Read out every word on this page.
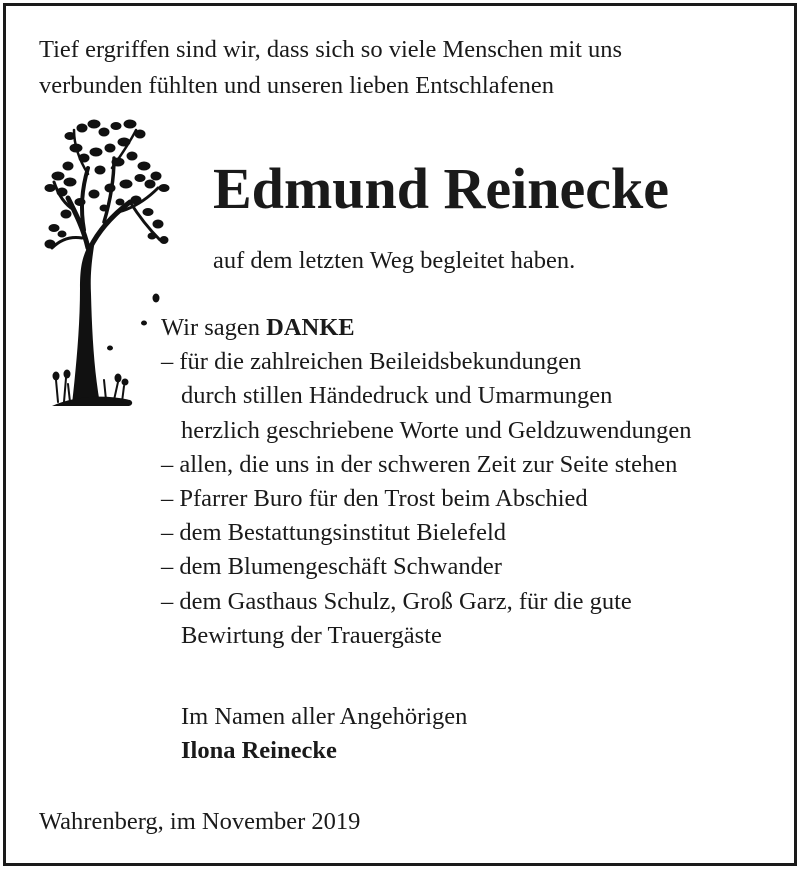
Tief ergriffen sind wir, dass sich so viele Menschen mit uns
verbunden fühlten und unseren lieben Entschlafenen
Edmund Reinecke
auf dem letzten Weg begleitet haben.
Wir sagen DANKE
– für die zahlreichen Beileidsbekundungen
durch stillen Händedruck und Umarmungen
herzlich geschriebene Worte und Geldzuwendungen
– allen, die uns in der schweren Zeit zur Seite stehen
– Pfarrer Buro für den Trost beim Abschied
– dem Bestattungsinstitut Bielefeld
– dem Blumengeschäft Schwander
– dem Gasthaus Schulz, Groß Garz, für die gute
Bewirtung der Trauergäste
Im Namen aller Angehörigen
Ilona Reinecke
Wahrenberg, im November 2019
